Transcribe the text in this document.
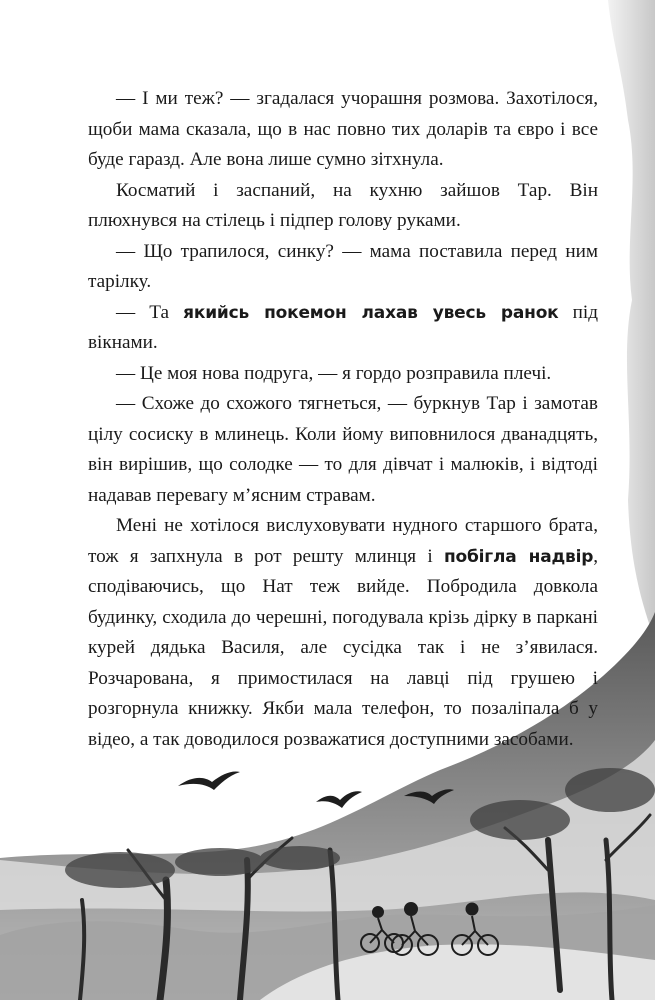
— І ми теж? — згадалася учорашня розмова. Захотілося, щоби мама сказала, що в нас повно тих доларів та євро і все буде гаразд. Але вона лише сумно зітхнула.

Косматий і заспаний, на кухню зайшов Тар. Він плюхнувся на стілець і підпер голову руками.

— Що трапилося, синку? — мама поставила перед ним тарілку.

— Та якийсь покемон лахав увесь ранок під вікнами.

— Це моя нова подруга, — я гордо розправила плечі.

— Схоже до схожого тягнеться, — буркнув Тар і замотав цілу сосиску в млинець. Коли йому виповнилося дванадцять, він вирішив, що солодке — то для дівчат і малюків, і відтоді надавав перевагу м’ясним стравам.

Мені не хотілося вислуховувати нудного старшого брата, тож я запхнула в рот решту млинця і побігла надвір, сподіваючись, що Нат теж вийде. Побродила довкола будинку, сходила до черешні, погодувала крізь дірку в паркані курей дядька Василя, але сусідка так і не з’явилася. Розчарована, я примостилася на лавці під грушею і розгорнула книжку. Якби мала телефон, то позаліпала б у відео, а так доводилося розважатися доступними засобами.
